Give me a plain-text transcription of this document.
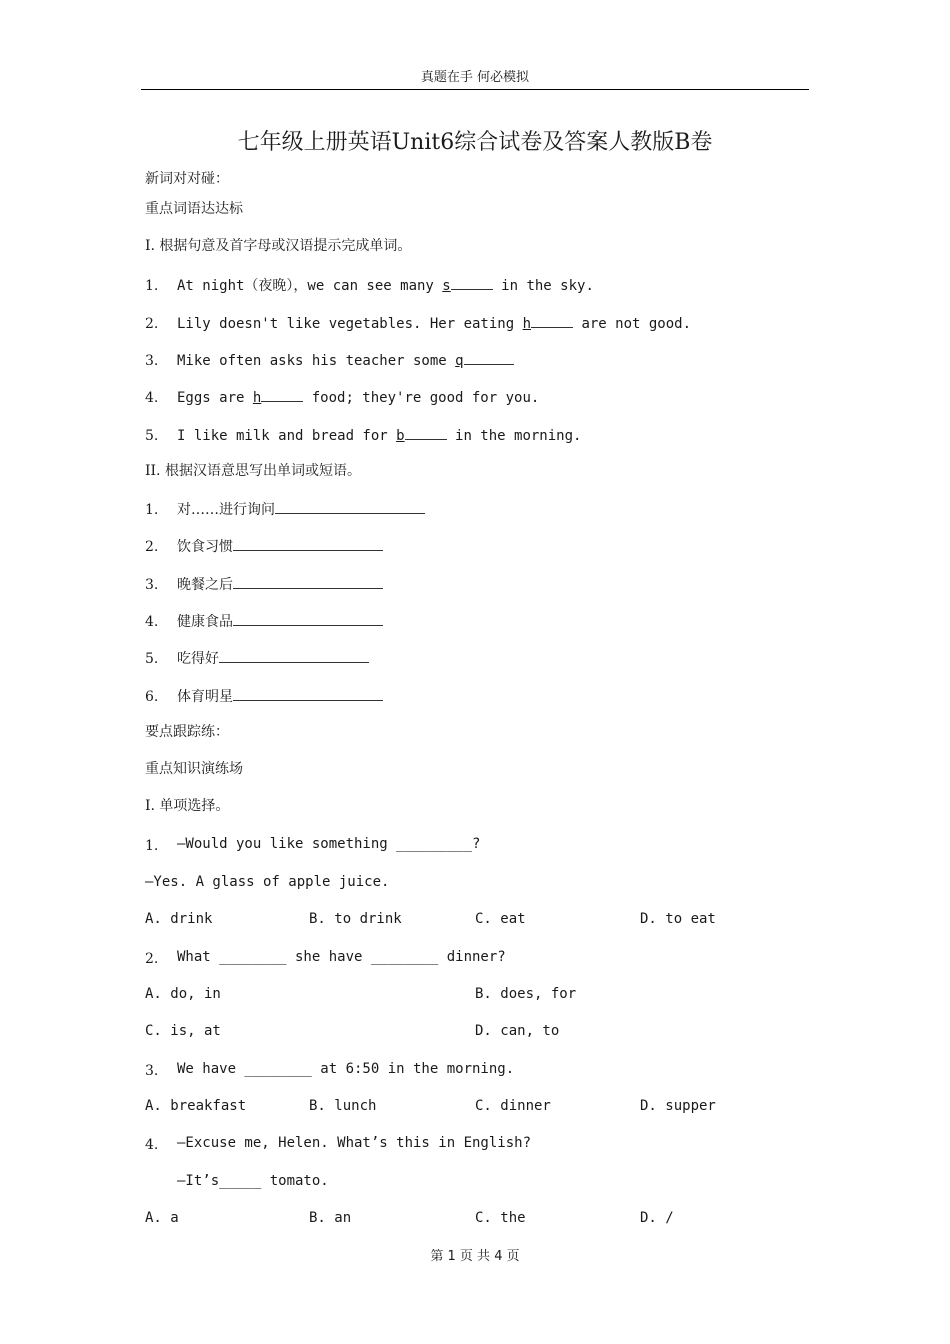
真题在手 何必模拟
七年级上册英语Unit6综合试卷及答案人教版B卷
新词对对碰：
重点词语达达标
I. 根据句意及首字母或汉语提示完成单词。
1. At night（夜晚），we can see many s	in the sky.
2. Lily doesn't like vegetables. Her eating h	are not good.
3. Mike often asks his teacher some q
4. Eggs are h	food; they're good for you.
5. I like milk and bread for b	in the morning.
II. 根据汉语意思写出单词或短语。
1. 对……进行询问
2. 饮食习惯
3. 晚餐之后
4. 健康食品
5. 吃得好
6. 体育明星
要点跟踪练：
重点知识演练场
I. 单项选择。
1. —Would you like something _________?
—Yes. A glass of apple juice.
A. drink	B. to drink	C. eat	D. to eat
2. What ________ she have ________ dinner?
A. do, in	B. does, for
C. is, at	D. can, to
3. We have ________ at 6:50 in the morning.
A. breakfast	B. lunch	C. dinner	D. supper
4. —Excuse me, Helen. What’s this in English?
—It’s_____ tomato.
A. a	B. an	C. the	D. /
第 1 页 共 4 页
